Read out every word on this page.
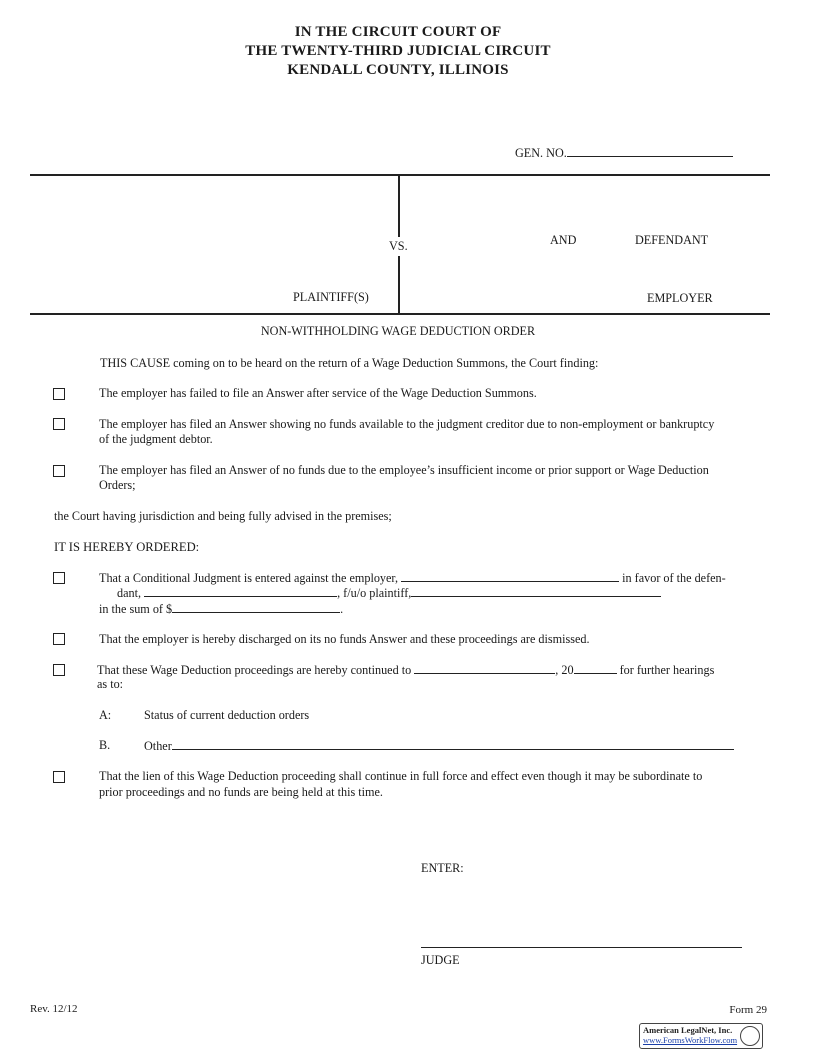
IN THE CIRCUIT COURT OF
THE TWENTY-THIRD JUDICIAL CIRCUIT
KENDALL COUNTY, ILLINOIS
GEN. NO.
VS.	AND	DEFENDANT
PLAINTIFF(S)	EMPLOYER
NON-WITHHOLDING WAGE DEDUCTION ORDER
THIS CAUSE coming on to be heard on the return of a Wage Deduction Summons, the Court finding:
The employer has failed to file an Answer after service of the Wage Deduction Summons.
The employer has filed an Answer showing no funds available to the judgment creditor due to non-employment or bankruptcy
of the judgment debtor.
The employer has filed an Answer of no funds due to the employee’s insufficient income or prior support or Wage Deduction
Orders;
the Court having jurisdiction and being fully advised in the premises;
IT IS HEREBY ORDERED:
That a Conditional Judgment is entered against the employer,	in favor of the defen-
dant,	, f/u/o plaintiff,
in the sum of $	.
That the employer is hereby discharged on its no funds Answer and these proceedings are dismissed.
That these Wage Deduction proceedings are hereby continued to	, 20	for further hearings
as to:
A:	Status of current deduction orders
B.	Other
That the lien of this Wage Deduction proceeding shall continue in full force and effect even though it may be subordinate to
prior proceedings and no funds are being held at this time.
ENTER:
JUDGE
Rev. 12/12	Form 29
American LegalNet, Inc.
www.FormsWorkFlow.com
